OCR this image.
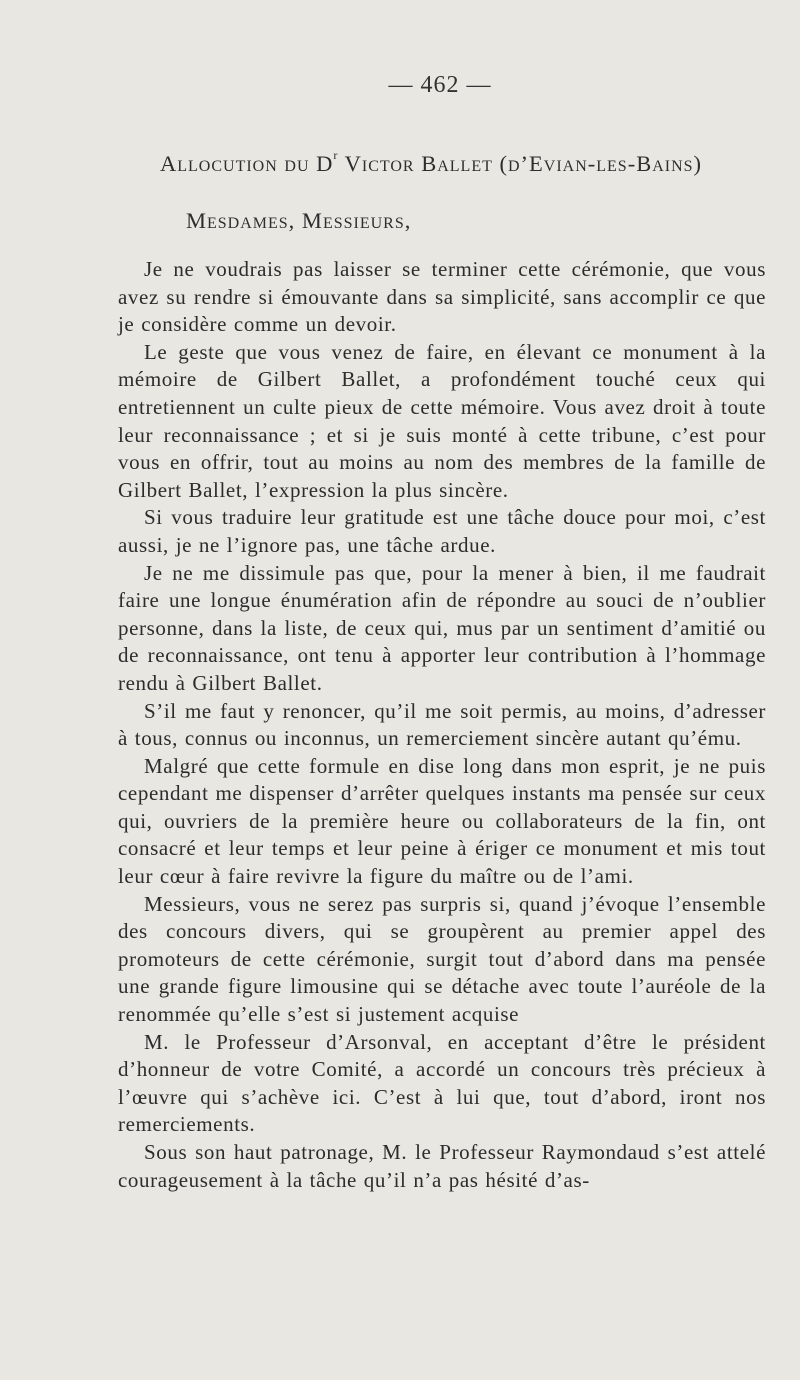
— 462 —
Allocution du $D^r$ Victor Ballet (d’Evian-les-Bains)
Mesdames, Messieurs,

Je ne voudrais pas laisser se terminer cette cérémonie, que vous avez su rendre si émouvante dans sa simplicité, sans accomplir ce que je considère comme un devoir.

Le geste que vous venez de faire, en élevant ce monument à la mémoire de Gilbert Ballet, a profondément touché ceux qui entretiennent un culte pieux de cette mémoire. Vous avez droit à toute leur reconnaissance ; et si je suis monté à cette tribune, c’est pour vous en offrir, tout au moins au nom des membres de la famille de Gilbert Ballet, l’expression la plus sincère.

Si vous traduire leur gratitude est une tâche douce pour moi, c’est aussi, je ne l’ignore pas, une tâche ardue.

Je ne me dissimule pas que, pour la mener à bien, il me faudrait faire une longue énumération afin de répondre au souci de n’oublier personne, dans la liste, de ceux qui, mus par un sentiment d’amitié ou de reconnaissance, ont tenu à apporter leur contribution à l’hommage rendu à Gilbert Ballet.

S’il me faut y renoncer, qu’il me soit permis, au moins, d’adresser à tous, connus ou inconnus, un remerciement sincère autant qu’ému.

Malgré que cette formule en dise long dans mon esprit, je ne puis cependant me dispenser d’arrêter quelques instants ma pensée sur ceux qui, ouvriers de la première heure ou collaborateurs de la fin, ont consacré et leur temps et leur peine à ériger ce monument et mis tout leur cœur à faire revivre la figure du maître ou de l’ami.

Messieurs, vous ne serez pas surpris si, quand j’évoque l’ensemble des concours divers, qui se groupèrent au premier appel des promoteurs de cette cérémonie, surgit tout d’abord dans ma pensée une grande figure limousine qui se détache avec toute l’auréole de la renommée qu’elle s’est si justement acquise

M. le Professeur d’Arsonval, en acceptant d’être le président d’honneur de votre Comité, a accordé un concours très précieux à l’œuvre qui s’achève ici. C’est à lui que, tout d’abord, iront nos remerciements.

Sous son haut patronage, M. le Professeur Raymondaud s’est attelé courageusement à la tâche qu’il n’a pas hésité d’as-
